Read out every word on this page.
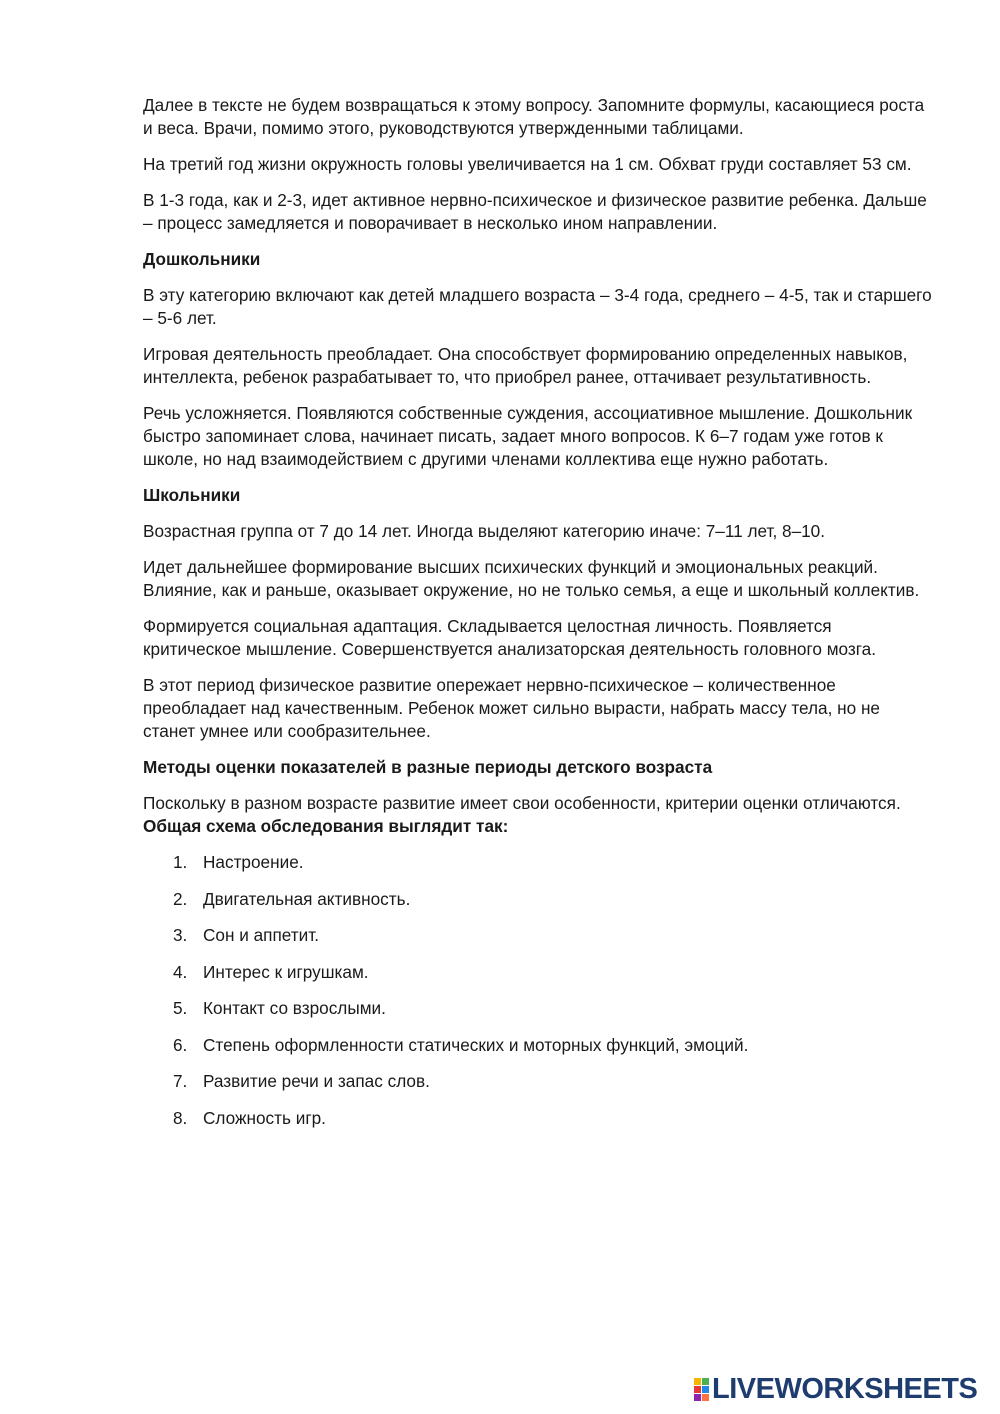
Далее в тексте не будем возвращаться к этому вопросу. Запомните формулы, касающиеся роста и веса. Врачи, помимо этого, руководствуются утвержденными таблицами.

На третий год жизни окружность головы увеличивается на 1 см. Обхват груди составляет 53 см.

В 1-3 года, как и 2-3, идет активное нервно-психическое и физическое развитие ребенка. Дальше – процесс замедляется и поворачивает в несколько ином направлении.

Дошкольники

В эту категорию включают как детей младшего возраста – 3-4 года, среднего – 4-5, так и старшего – 5-6 лет.

Игровая деятельность преобладает. Она способствует формированию определенных навыков, интеллекта, ребенок разрабатывает то, что приобрел ранее, оттачивает результативность.

Речь усложняется. Появляются собственные суждения, ассоциативное мышление. Дошкольник быстро запоминает слова, начинает писать, задает много вопросов. К 6–7 годам уже готов к школе, но над взаимодействием с другими членами коллектива еще нужно работать.

Школьники

Возрастная группа от 7 до 14 лет. Иногда выделяют категорию иначе: 7–11 лет, 8–10.

Идет дальнейшее формирование высших психических функций и эмоциональных реакций. Влияние, как и раньше, оказывает окружение, но не только семья, а еще и школьный коллектив.

Формируется социальная адаптация. Складывается целостная личность. Появляется критическое мышление. Совершенствуется анализаторская деятельность головного мозга.

В этот период физическое развитие опережает нервно-психическое – количественное преобладает над качественным. Ребенок может сильно вырасти, набрать массу тела, но не станет умнее или сообразительнее.

Методы оценки показателей в разные периоды детского возраста

Поскольку в разном возрасте развитие имеет свои особенности, критерии оценки отличаются. Общая схема обследования выглядит так:

1. Настроение.
2. Двигательная активность.
3. Сон и аппетит.
4. Интерес к игрушкам.
5. Контакт со взрослыми.
6. Степень оформленности статических и моторных функций, эмоций.
7. Развитие речи и запас слов.
8. Сложность игр.
LIVEWORKSHEETS
